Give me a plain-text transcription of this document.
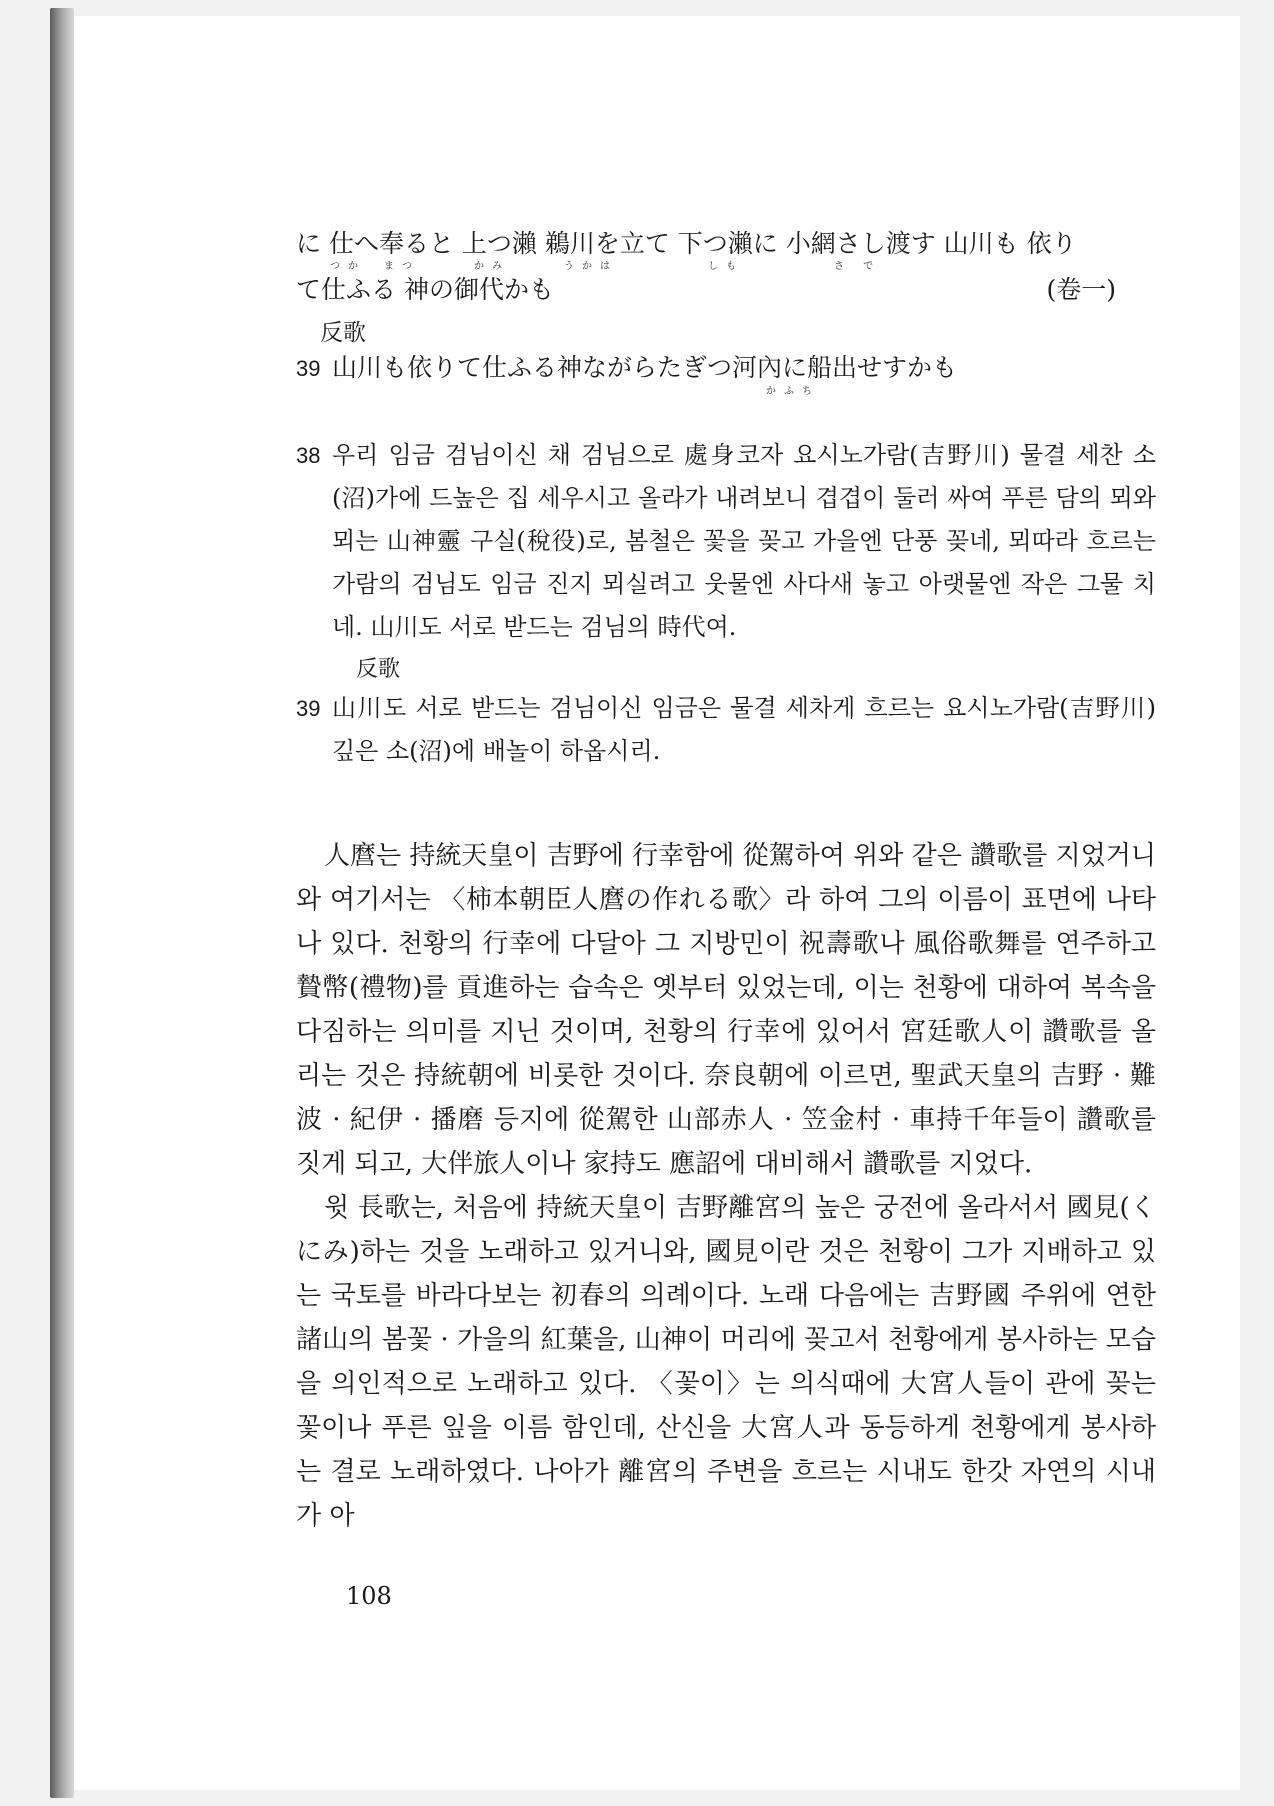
に 仕へ奉ると 上つ瀨 鵜川を立て 下つ瀨に 小網さし渡す 山川も 依り
つか　まつ　　　かみ　　　うかは　　　　　しも　　　　　さ で
て仕ふる 神の御代かも	(卷一)
反歌
39 山川も依りて仕ふる神ながらたぎつ河內に船出せすかも
かふち
38 우리 임금 검님이신 채 검님으로 處身코자 요시노가람(吉野川) 물결 세찬 소(沼)가에 드높은 집 세우시고 올라가 내려보니 겹겹이 둘러 싸여 푸른 담의 뫼와 뫼는 山神靈 구실(稅役)로, 봄철은 꽃을 꽂고 가을엔 단풍 꽂네, 뫼따라 흐르는 가람의 검님도 임금 진지 뫼실려고 웃물엔 사다새 놓고 아랫물엔 작은 그물 치네. 山川도 서로 받드는 검님의 時代여.
反歌
39 山川도 서로 받드는 검님이신 임금은 물결 세차게 흐르는 요시노가람(吉野川) 깊은 소(沼)에 배놀이 하옵시리.

人麿는 持統天皇이 吉野에 行幸함에 從駕하여 위와 같은 讚歌를 지었거니와 여기서는 〈柿本朝臣人麿の作れる歌〉라 하여 그의 이름이 표면에 나타나 있다. 천황의 行幸에 다달아 그 지방민이 祝壽歌나 風俗歌舞를 연주하고 贄幣(禮物)를 貢進하는 습속은 옛부터 있었는데, 이는 천황에 대하여 복속을 다짐하는 의미를 지닌 것이며, 천황의 行幸에 있어서 宮廷歌人이 讚歌를 올리는 것은 持統朝에 비롯한 것이다. 奈良朝에 이르면, 聖武天皇의 吉野 · 難波 · 紀伊 · 播磨 등지에 從駕한 山部赤人 · 笠金村 · 車持千年들이 讚歌를 짓게 되고, 大伴旅人이나 家持도 應詔에 대비해서 讚歌를 지었다.

윗 長歌는, 처음에 持統天皇이 吉野離宮의 높은 궁전에 올라서서 國見(くにみ)하는 것을 노래하고 있거니와, 國見이란 것은 천황이 그가 지배하고 있는 국토를 바라다보는 初春의 의례이다. 노래 다음에는 吉野國 주위에 연한 諸山의 봄꽃 · 가을의 紅葉을, 山神이 머리에 꽂고서 천황에게 봉사하는 모습을 의인적으로 노래하고 있다. 〈꽃이〉는 의식때에 大宮人들이 관에 꽂는 꽃이나 푸른 잎을 이름 함인데, 산신을 大宮人과 동등하게 천황에게 봉사하는 결로 노래하였다. 나아가 離宮의 주변을 흐르는 시내도 한갓 자연의 시내가 아

108
